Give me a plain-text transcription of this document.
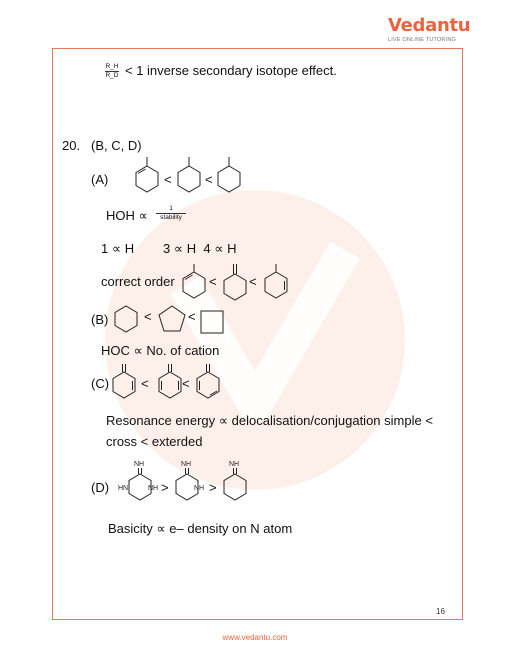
Vedantu
LIVE ONLINE TUTORING
$\frac{R\_H}{R\_D} < 1$ inverse secondary isotope effect.
20. (B, C, D)
(A)	<	<
HOH ∝	1
stability
1 ∝ H        3 ∝ H  4 ∝ H
correct order	< <
(B)	<	<
HOC ∝ No. of cation
(C) <	<
Resonance energy ∝ delocalisation/conjugation simple <
cross < exterded
(D)
NH	NH	NH
HN	NH	NH
>	>
Basicity ∝ e– density on N atom
16
www.vedantu.com
